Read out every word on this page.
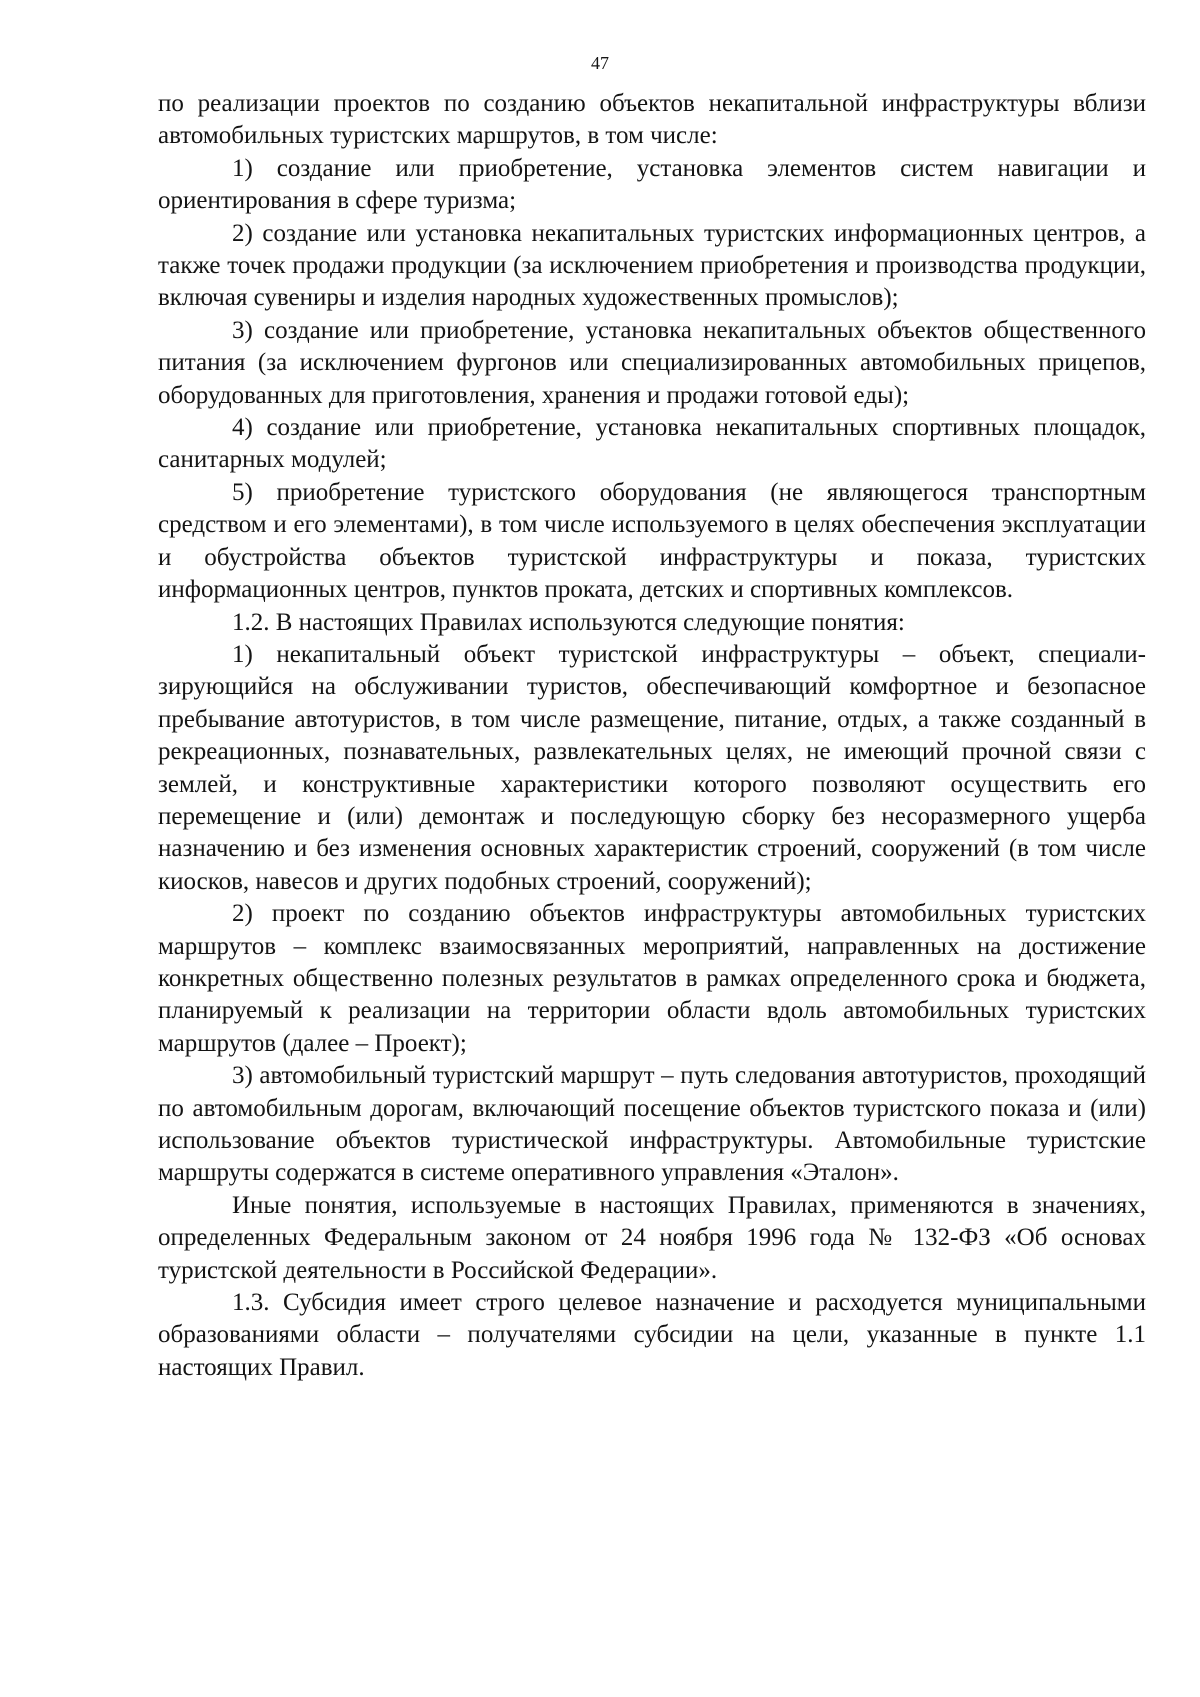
47

по реализации проектов по созданию объектов некапитальной инфраструктуры вблизи автомобильных туристских маршрутов, в том числе:

1) создание или приобретение, установка элементов систем навигации и ориентирования в сфере туризма;

2) создание или установка некапитальных туристских информационных центров, а также точек продажи продукции (за исключением приобретения и производства продукции, включая сувениры и изделия народных художественных промыслов);

3) создание или приобретение, установка некапитальных объектов общественного питания (за исключением фургонов или специализированных автомобильных прицепов, оборудованных для приготовления, хранения и продажи готовой еды);

4) создание или приобретение, установка некапитальных спортивных площадок, санитарных модулей;

5) приобретение туристского оборудования (не являющегося транспортным средством и его элементами), в том числе используемого в целях обеспечения эксплуатации и обустройства объектов туристской инфраструктуры и показа, туристских информационных центров, пунктов проката, детских и спортивных комплексов.

1.2. В настоящих Правилах используются следующие понятия:

1) некапитальный объект туристской инфраструктуры – объект, специализирующийся на обслуживании туристов, обеспечивающий комфортное и безопасное пребывание автотуристов, в том числе размещение, питание, отдых, а также созданный в рекреационных, познавательных, развлекательных целях, не имеющий прочной связи с землей, и конструктивные характеристики которого позволяют осуществить его перемещение и (или) демонтаж и последующую сборку без несоразмерного ущерба назначению и без изменения основных характеристик строений, сооружений (в том числе киосков, навесов и других подобных строений, сооружений);

2) проект по созданию объектов инфраструктуры автомобильных туристских маршрутов – комплекс взаимосвязанных мероприятий, направленных на достижение конкретных общественно полезных результатов в рамках определенного срока и бюджета, планируемый к реализации на территории области вдоль автомобильных туристских маршрутов (далее – Проект);

3) автомобильный туристский маршрут – путь следования автотуристов, проходящий по автомобильным дорогам, включающий посещение объектов туристского показа и (или) использование объектов туристической инфраструктуры. Автомобильные туристские маршруты содержатся в системе оперативного управления «Эталон».

Иные понятия, используемые в настоящих Правилах, применяются в значениях, определенных Федеральным законом от 24 ноября 1996 года № 132-ФЗ «Об основах туристской деятельности в Российской Федерации».

1.3. Субсидия имеет строго целевое назначение и расходуется муниципальными образованиями области – получателями субсидии на цели, указанные в пункте 1.1 настоящих Правил.
